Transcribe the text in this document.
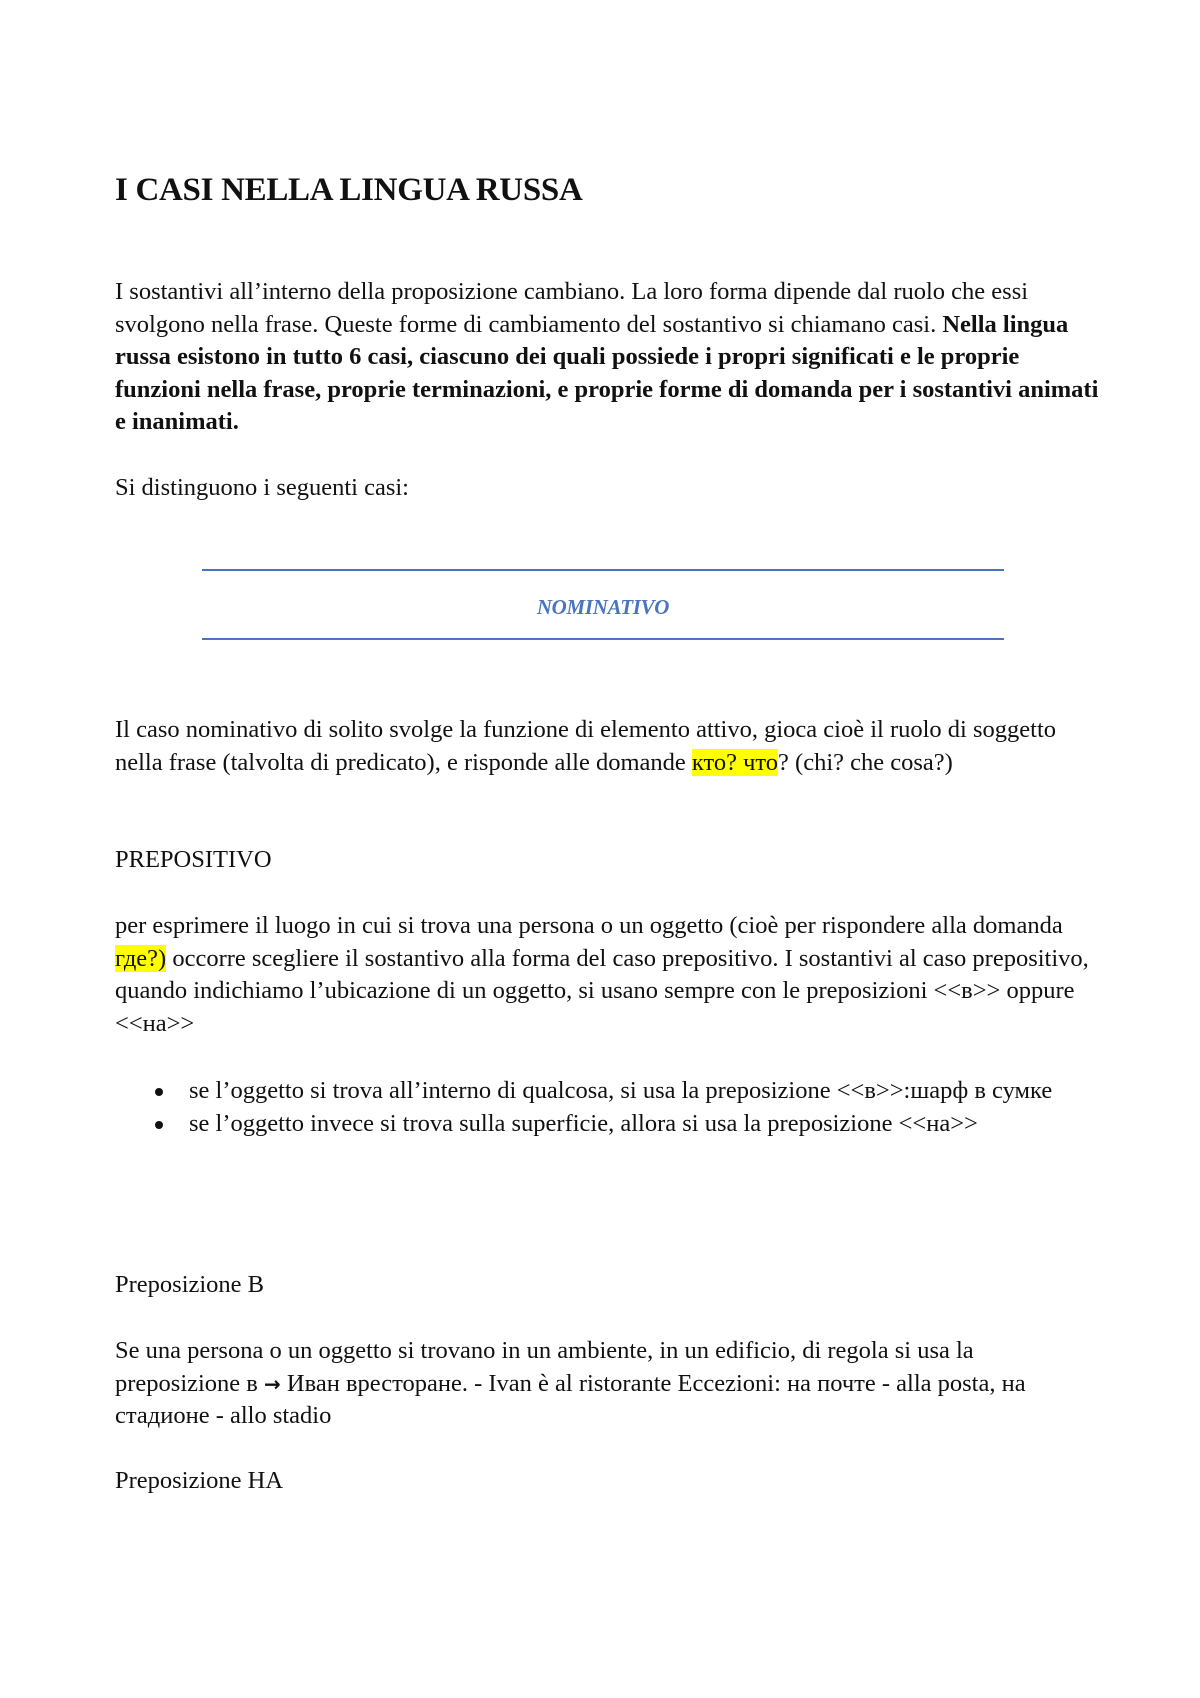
I CASI NELLA LINGUA RUSSA

I sostantivi all’interno della proposizione cambiano. La loro forma dipende dal ruolo che essi svolgono nella frase. Queste forme di cambiamento del sostantivo si chiamano casi. Nella lingua russa esistono in tutto 6 casi, ciascuno dei quali possiede i propri significati e le proprie funzioni nella frase, proprie terminazioni, e proprie forme di domanda per i sostantivi animati e inanimati.

Si distinguono i seguenti casi:

NOMINATIVO

Il caso nominativo di solito svolge la funzione di elemento attivo, gioca cioè il ruolo di soggetto nella frase (talvolta di predicato), e risponde alle domande кто? что? (chi? che cosa?)

PREPOSITIVO

per esprimere il luogo in cui si trova una persona o un oggetto (cioè per rispondere alla domanda где?) occorre scegliere il sostantivo alla forma del caso prepositivo. I sostantivi al caso prepositivo, quando indichiamo l’ubicazione di un oggetto, si usano sempre con le preposizioni <<в>> oppure <<на>>

se l’oggetto si trova all’interno di qualcosa, si usa la preposizione <<в>>:шарф в сумке
se l’oggetto invece si trova sulla superficie, allora si usa la preposizione <<на>>

Preposizione B

Se una persona o un oggetto si trovano in un ambiente, in un edificio, di regola si usa la preposizione в → Иван врестоpане. - Ivan è al ristorante Eccezioni: на почте - alla posta, на стадионе - allo stadio

Preposizione HA
